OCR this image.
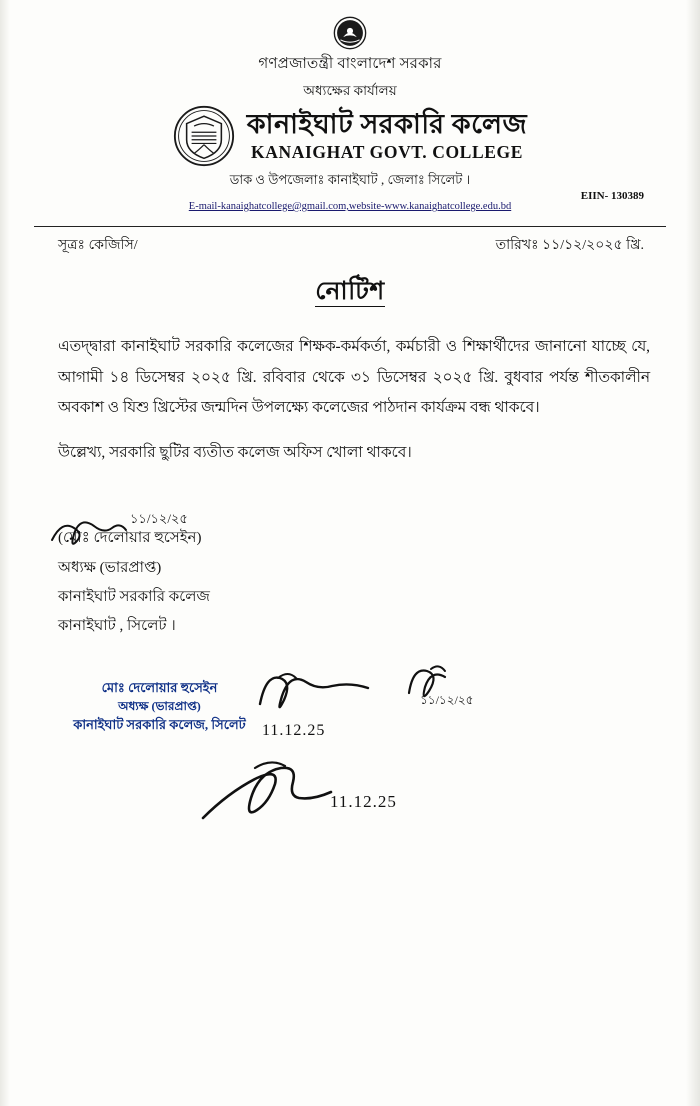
গণপ্রজাতন্ত্রী বাংলাদেশ সরকার
অধ্যক্ষের কার্যালয়
কানাইঘাট সরকারি কলেজ
KANAIGHAT GOVT. COLLEGE
ডাক ও উপজেলাঃ কানাইঘাট , জেলাঃ সিলেট ।
E-mail-kanaighatcollege@gmail.com,website-www.kanaighatcollege.edu.bd
EIIN- 130389
সূত্রঃ কেজিসি/	তারিখঃ ১১/১২/২০২৫ খ্রি.
নোটিশ

এতদ্দ্বারা কানাইঘাট সরকারি কলেজের শিক্ষক-কর্মকর্তা, কর্মচারী ও শিক্ষার্থীদের জানানো যাচ্ছে যে, আগামী ১৪ ডিসেম্বর ২০২৫ খ্রি. রবিবার থেকে ৩১ ডিসেম্বর ২০২৫ খ্রি. বুধবার পর্যন্ত শীতকালীন অবকাশ ও যিশু খ্রিস্টের জন্মদিন উপলক্ষ্যে কলেজের পাঠদান কার্যক্রম বন্ধ থাকবে।

উল্লেখ্য, সরকারি ছুটির ব্যতীত কলেজ অফিস খোলা থাকবে।

১১/১২/২৫
(মোঃ দেলোয়ার হুসেইন)
অধ্যক্ষ (ভারপ্রাপ্ত)
কানাইঘাট সরকারি কলেজ
কানাইঘাট , সিলেট ।
মোঃ দেলোয়ার হুসেইন
অধ্যক্ষ (ভারপ্রাপ্ত)
কানাইঘাট সরকারি কলেজ, সিলেট	11.12.25
১১/১২/২৫
11.12.25
